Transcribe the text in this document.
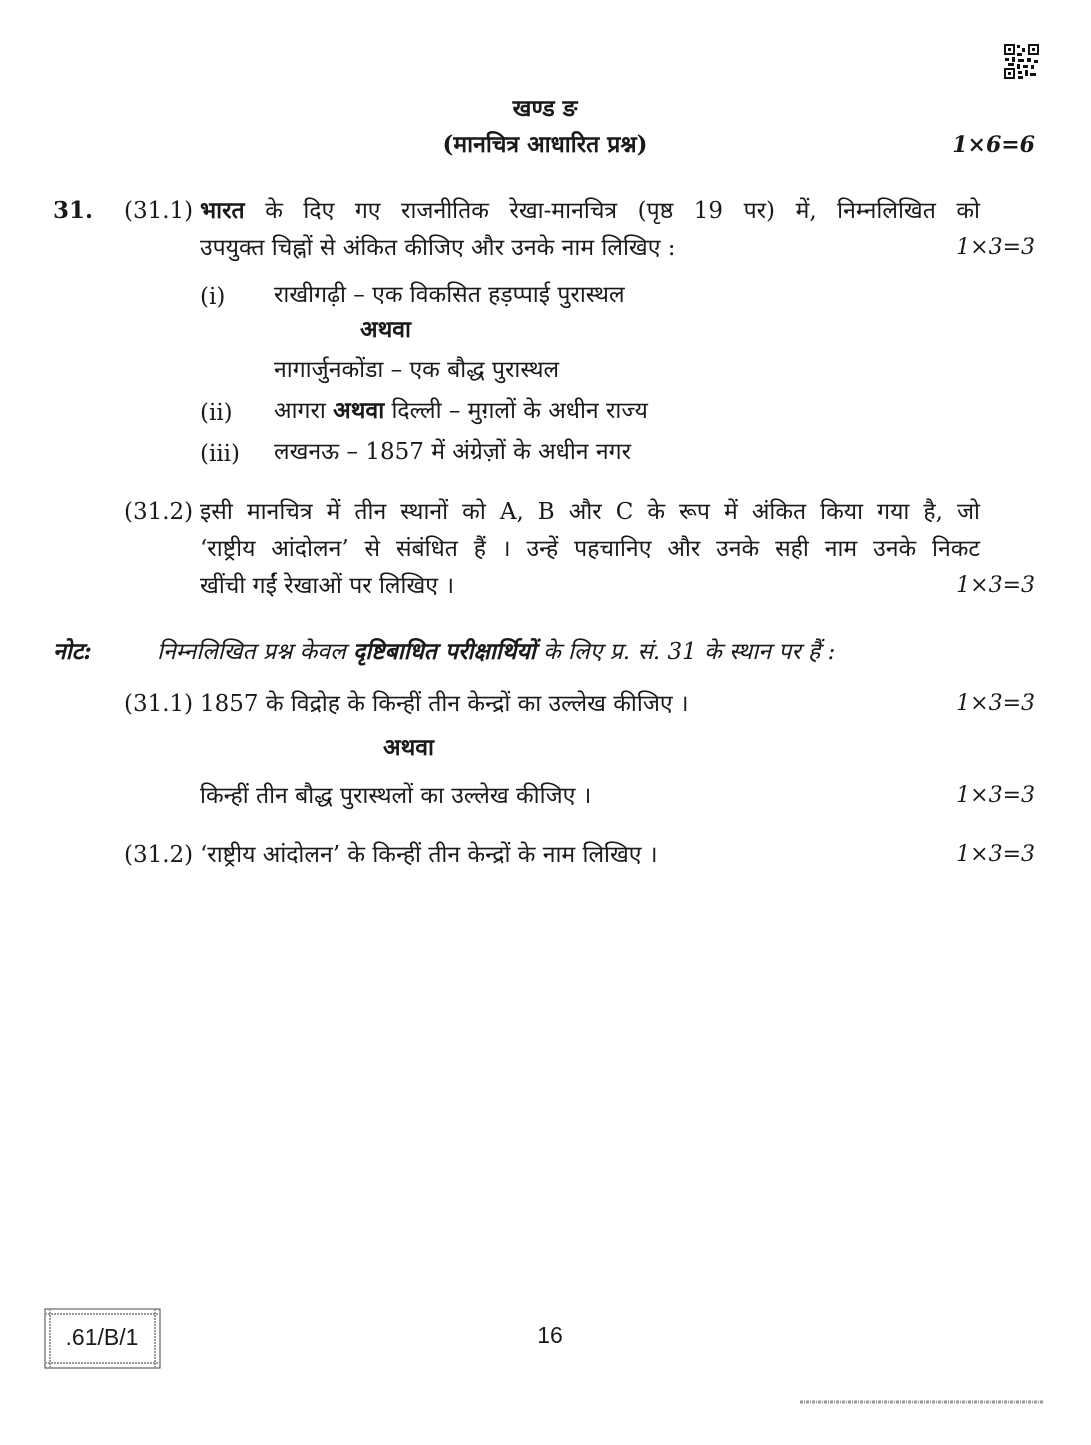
खण्ड ङ
(मानचित्र आधारित प्रश्न)	1×6=6
31. (31.1) भारत के दिए गए राजनीतिक रेखा-मानचित्र (पृष्ठ 19 पर) में, निम्नलिखित को
उपयुक्त चिह्नों से अंकित कीजिए और उनके नाम लिखिए :	1×3=3
(i) राखीगढ़ी – एक विकसित हड़प्पाई पुरास्थल
अथवा
नागार्जुनकोंडा – एक बौद्ध पुरास्थल
(ii) आगरा अथवा दिल्ली – मुग़लों के अधीन राज्य
(iii) लखनऊ – 1857 में अंग्रेज़ों के अधीन नगर
(31.2) इसी मानचित्र में तीन स्थानों को A, B और C के रूप में अंकित किया गया है, जो
‘राष्ट्रीय आंदोलन’ से संबंधित हैं । उन्हें पहचानिए और उनके सही नाम उनके निकट
खींची गईं रेखाओं पर लिखिए ।	1×3=3
नोट:	निम्नलिखित प्रश्न केवल दृष्टिबाधित परीक्षार्थियों के लिए प्र. सं. 31 के स्थान पर हैं :
(31.1) 1857 के विद्रोह के किन्हीं तीन केन्द्रों का उल्लेख कीजिए ।	1×3=3
अथवा
किन्हीं तीन बौद्ध पुरास्थलों का उल्लेख कीजिए ।	1×3=3
(31.2) ‘राष्ट्रीय आंदोलन’ के किन्हीं तीन केन्द्रों के नाम लिखिए ।	1×3=3
.61/B/1	16
